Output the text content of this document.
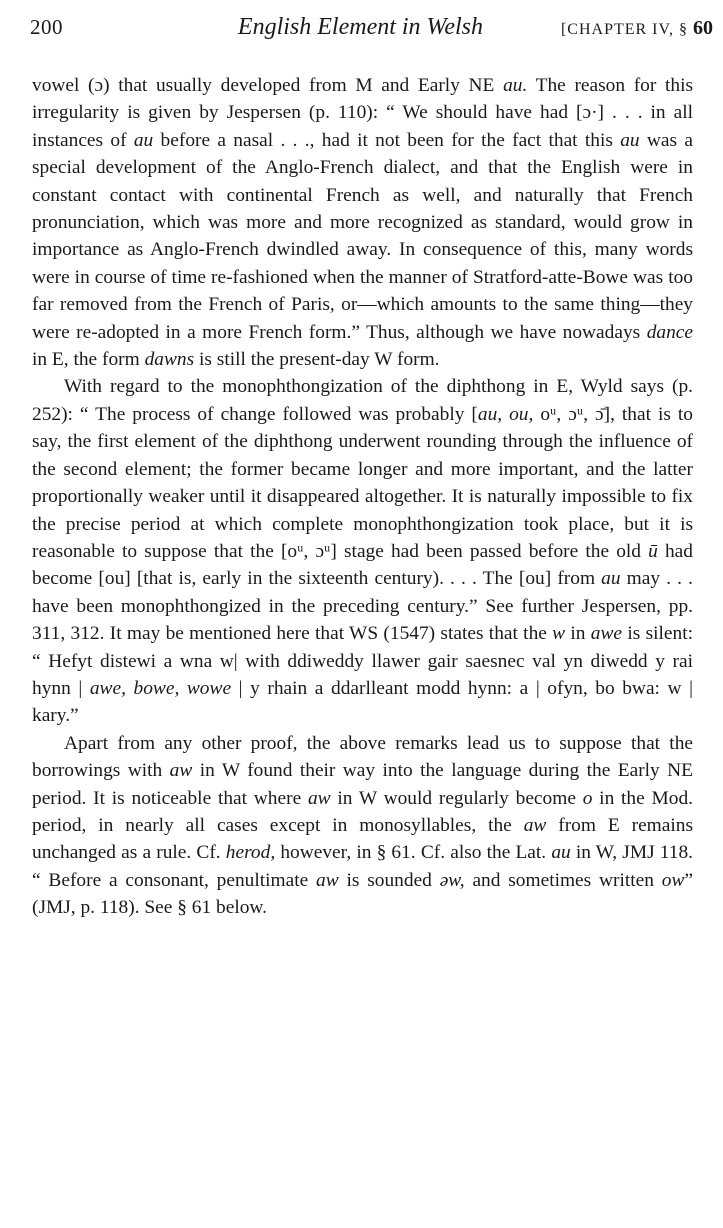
200	English Element in Welsh	[CHAPTER IV, § 60

vowel (ɔ) that usually developed from M and Early NE au. The reason for this irregularity is given by Jespersen (p. 110): “ We should have had [ɔ·] . . . in all instances of au before a nasal . . ., had it not been for the fact that this au was a special development of the Anglo-French dialect, and that the English were in constant contact with continental French as well, and naturally that French pronunciation, which was more and more recognized as standard, would grow in importance as Anglo-French dwindled away. In consequence of this, many words were in course of time re-fashioned when the manner of Stratford-atte-Bowe was too far removed from the French of Paris, or—which amounts to the same thing—they were re-adopted in a more French form.” Thus, although we have nowadays dance in E, the form dawns is still the present-day W form.

With regard to the monophthongization of the diphthong in E, Wyld says (p. 252): “ The process of change followed was probably [au, ou, oᵘ, ɔᵘ, ɔ̄], that is to say, the first element of the diphthong underwent rounding through the influence of the second element; the former became longer and more important, and the latter proportionally weaker until it disappeared altogether. It is naturally impossible to fix the precise period at which complete monophthongization took place, but it is reasonable to suppose that the [oᵘ, ɔᵘ] stage had been passed before the old ū had become [ou] [that is, early in the sixteenth century). . . . The [ou] from au may . . . have been monophthongized in the preceding century.” See further Jespersen, pp. 311, 312. It may be mentioned here that WS (1547) states that the w in awe is silent: “ Hefyt distewi a wna w| with ddiweddy llawer gair saesnec val yn diwedd y rai hynn | awe, bowe, wowe | y rhain a ddarlleant modd hynn: a | ofyn, bo bwa: w | kary.”

Apart from any other proof, the above remarks lead us to suppose that the borrowings with aw in W found their way into the language during the Early NE period. It is noticeable that where aw in W would regularly become o in the Mod. period, in nearly all cases except in monosyllables, the aw from E remains unchanged as a rule. Cf. herod, however, in § 61. Cf. also the Lat. au in W, JMJ 118. “ Before a consonant, penultimate aw is sounded əw, and sometimes written ow” (JMJ, p. 118). See § 61 below.
